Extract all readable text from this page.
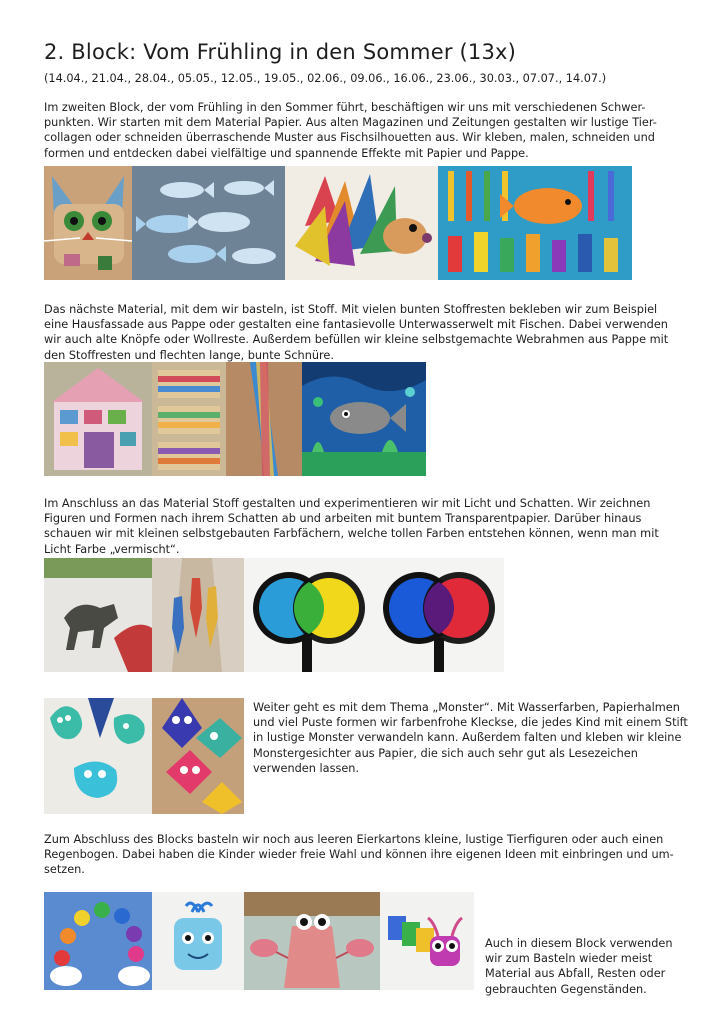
2. Block: Vom Frühling in den Sommer (13x)
(14.04., 21.04., 28.04., 05.05., 12.05., 19.05., 02.06., 09.06., 16.06., 23.06., 30.03., 07.07., 14.07.)

Im zweiten Block, der vom Frühling in den Sommer führt, beschäftigen wir uns mit verschiedenen Schwer-punkten. Wir starten mit dem Material Papier. Aus alten Magazinen und Zeitungen gestalten wir lustige Tier-collagen oder schneiden überraschende Muster aus Fischsilhouetten aus. Wir kleben, malen, schneiden und formen und entdecken dabei vielfältige und spannende Effekte mit Papier und Pappe.

Das nächste Material, mit dem wir basteln, ist Stoff. Mit vielen bunten Stoffresten bekleben wir zum Beispiel eine Hausfassade aus Pappe oder gestalten eine fantasievolle Unterwasserwelt mit Fischen. Dabei verwenden wir auch alte Knöpfe oder Wollreste. Außerdem befüllen wir kleine selbstgemachte Webrahmen aus Pappe mit den Stoffresten und flechten lange, bunte Schnüre.

Im Anschluss an das Material Stoff gestalten und experimentieren wir mit Licht und Schatten. Wir zeichnen Figuren und Formen nach ihrem Schatten ab und arbeiten mit buntem Transparentpapier. Darüber hinaus schauen wir mit kleinen selbstgebauten Farbfächern, welche tollen Farben entstehen können, wenn man mit Licht Farbe „vermischt“.

Weiter geht es mit dem Thema „Monster“. Mit Wasserfarben, Papierhalmen und viel Puste formen wir farbenfrohe Kleckse, die jedes Kind mit einem Stift in lustige Monster verwandeln kann. Außerdem falten und kleben wir kleine Monstergesichter aus Papier, die sich auch sehr gut als Lesezeichen verwenden lassen.

Zum Abschluss des Blocks basteln wir noch aus leeren Eierkartons kleine, lustige Tierfiguren oder auch einen Regenbogen. Dabei haben die Kinder wieder freie Wahl und können ihre eigenen Ideen mit einbringen und um-setzen.

Auch in diesem Block verwenden wir zum Basteln wieder meist Material aus Abfall, Resten oder gebrauchten Gegenständen.
